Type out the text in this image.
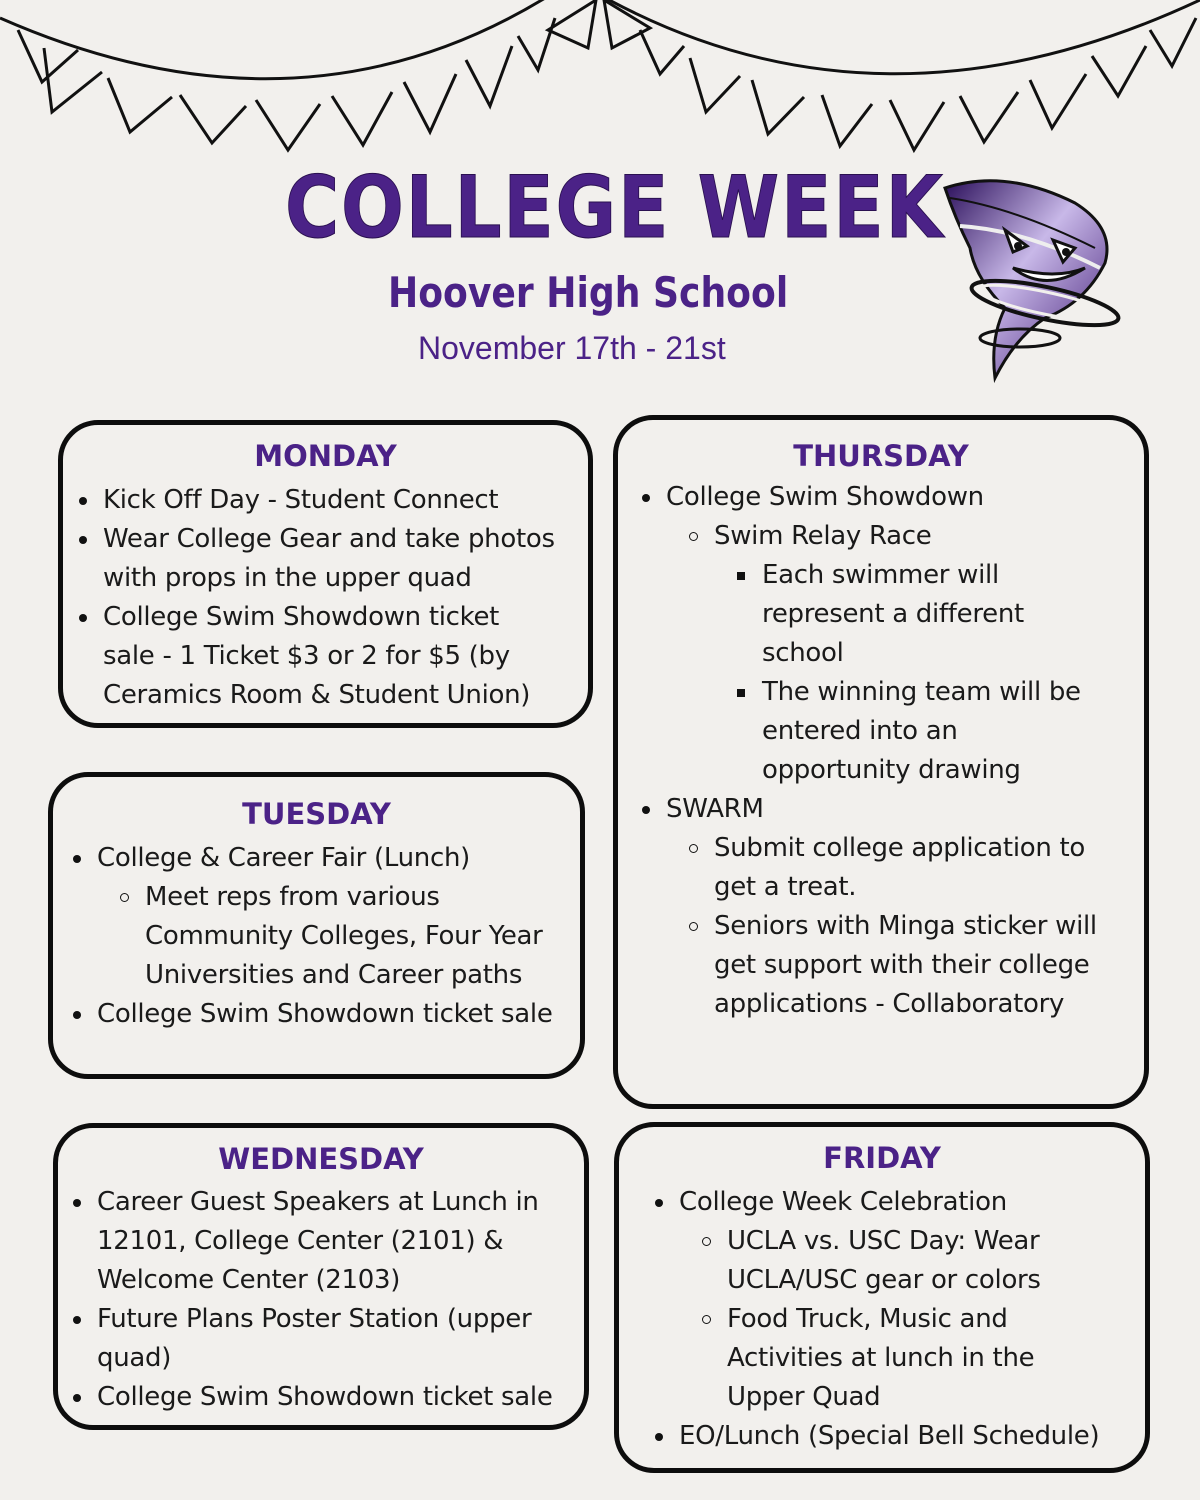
COLLEGE WEEK
Hoover High School
November 17th - 21st
MONDAY
Kick Off Day - Student Connect
Wear College Gear and take photos
with props in the upper quad
College Swim Showdown ticket
sale - 1 Ticket $3 or 2 for $5 (by
Ceramics Room & Student Union)
TUESDAY
College & Career Fair (Lunch)
Meet reps from various
Community Colleges, Four Year
Universities and Career paths
College Swim Showdown ticket sale
WEDNESDAY
Career Guest Speakers at Lunch in
12101, College Center (2101) &
Welcome Center (2103)
Future Plans Poster Station (upper
quad)
College Swim Showdown ticket sale
THURSDAY
College Swim Showdown
Swim Relay Race
Each swimmer will
represent a different
school
The winning team will be
entered into an
opportunity drawing
SWARM
Submit college application to
get a treat.
Seniors with Minga sticker will
get support with their college
applications - Collaboratory
FRIDAY
College Week Celebration
UCLA vs. USC Day: Wear
UCLA/USC gear or colors
Food Truck, Music and
Activities at lunch in the
Upper Quad
EO/Lunch (Special Bell Schedule)
